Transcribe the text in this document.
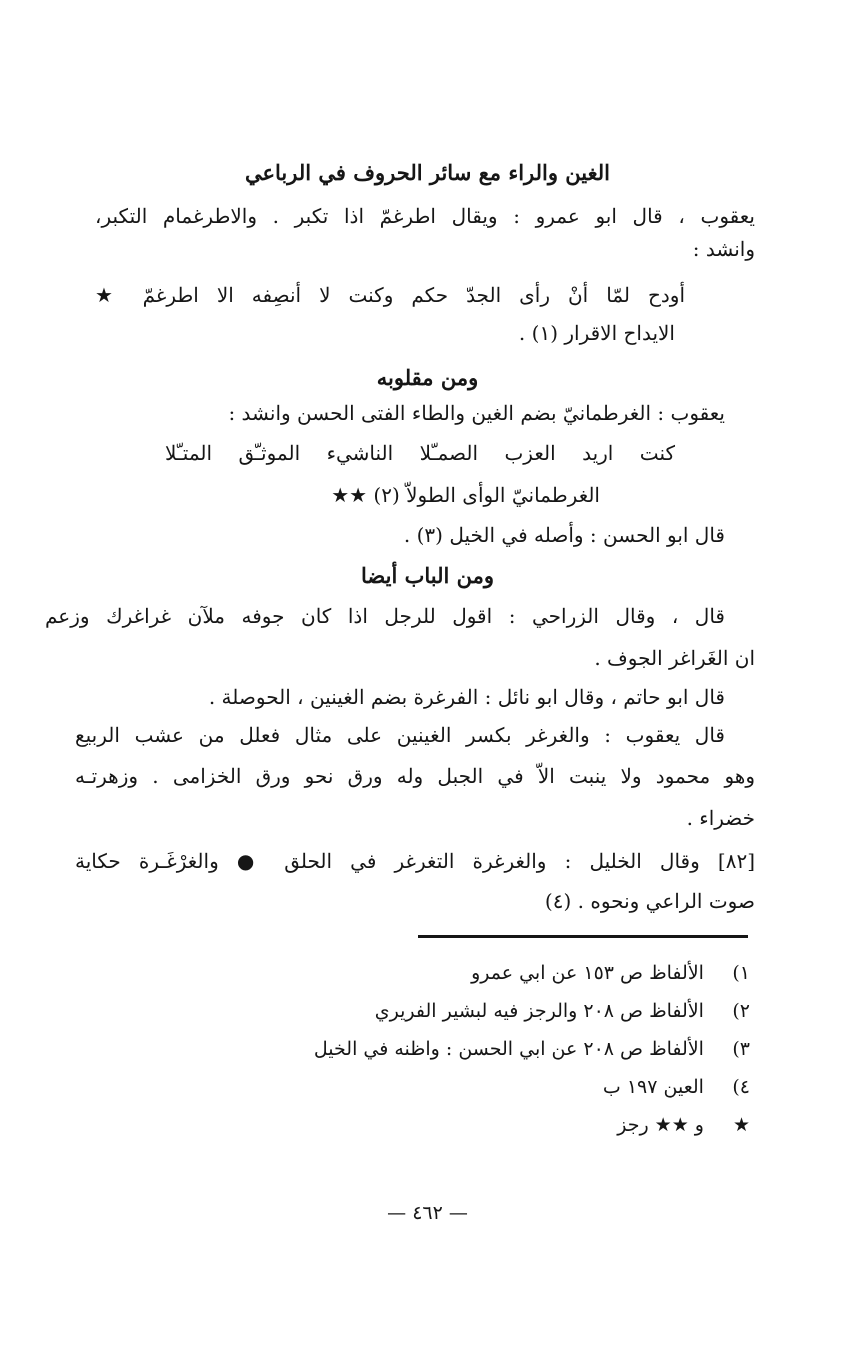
الغين والراء مع سائر الحروف في الرباعي
يعقوب ، قال ابو عمرو : ويقال اطرغمّ اذا تكبر . والاطرغمام التكبر،
وانشد :
أودح لمّا أنْ رأى الجدّ حكم وكنت لا أنصِفه الا اطرغمّ ★
الايداح الاقرار (١) .
ومن مقلوبه
يعقوب : الغرطمانيّ بضم الغين والطاء الفتى الحسن وانشد :
كنت اريد العزب الصمـّلا الناشيء الموثـّق المتـّلا
الغرطمانيّ الوأى الطولاّ (٢) ★★
قال ابو الحسن : وأصله في الخيل (٣) .
ومن الباب أيضا
قال ، وقال الزراحي : اقول للرجل اذا كان جوفه ملآن غراغرك وزعم
ان الغَراغر الجوف .
قال ابو حاتم ، وقال ابو نائل : الفرغرة بضم الغينين ، الحوصلة .
قال يعقوب : والغرغر بكسر الغينين على مثال فعلل من عشب الربيع
وهو محمود ولا ينبت الاّ في الجبل وله ورق نحو ورق الخزامى . وزهرتـه
خضراء .
[٨٢] وقال الخليل : والغرغرة التغرغر في الحلق ● والغرْغَـرة حكاية
صوت الراعي ونحوه . (٤)
١) الألفاظ ص ١٥٣ عن ابي عمرو
٢) الألفاظ ص ٢٠٨ والرجز فيه لبشير الفريري
٣) الألفاظ ص ٢٠٨ عن ابي الحسن : واظنه في الخيل
٤) العين ١٩٧ ب
★ و ★★ رجز
— ٤٦٢ —
